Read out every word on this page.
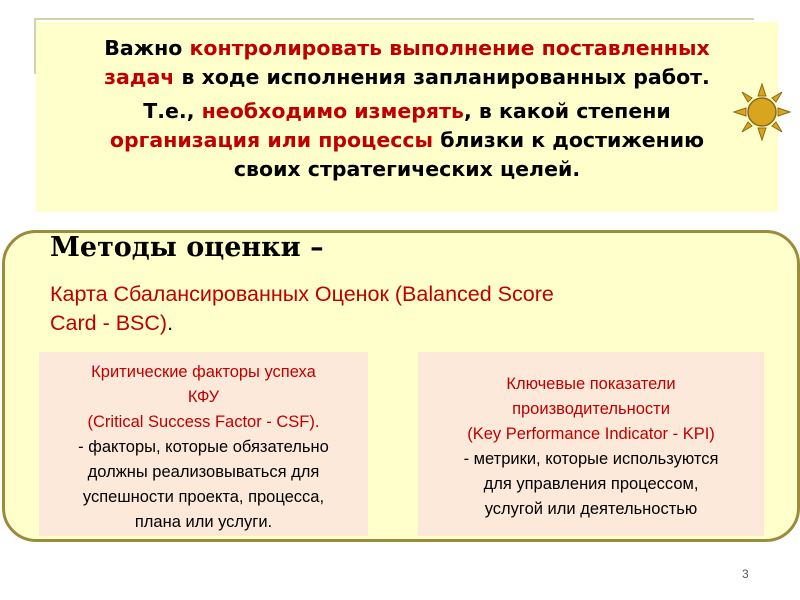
Важно контролировать выполнение поставленных
задач в ходе исполнения запланированных работ.

Т.е., необходимо измерять, в какой степени
организация или процессы близки к достижению
своих стратегических целей.

Методы оценки –
Карта Сбалансированных Оценок (Balanced Score
Card - BSC).
Критические факторы успеха
КФУ
(Critical Success Factor - CSF).
- факторы, которые обязательно
должны реализовываться для
успешности проекта, процесса,
плана или услуги.
Ключевые показатели
производительности
(Key Performance Indicator - KPI)
- метрики, которые используются
для управления процессом,
услугой или деятельностью
3
